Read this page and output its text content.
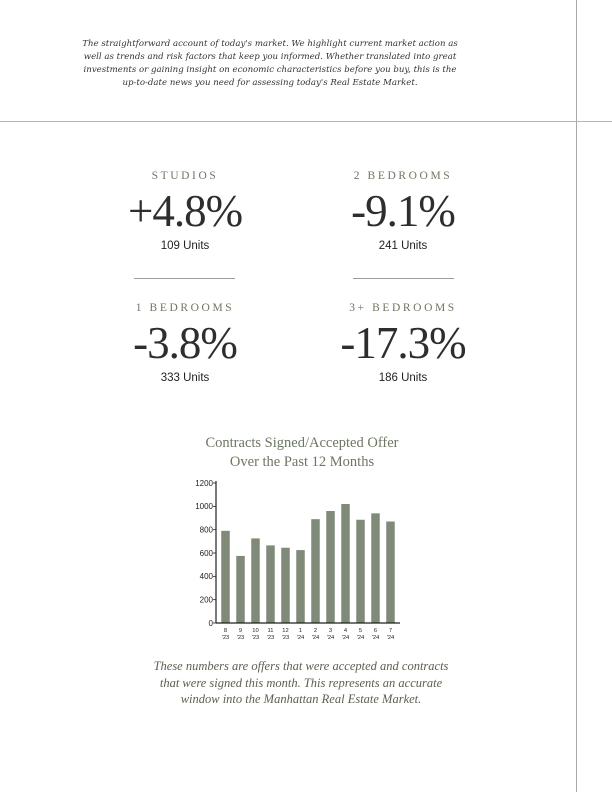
The straightforward account of today's market. We highlight current market action as well as trends and risk factors that keep you informed. Whether translated into great investments or gaining insight on economic characteristics before you buy, this is the up-to-date news you need for assessing today's Real Estate Market.
STUDIOS
+4.8%
109 Units
2 BEDROOMS
-9.1%
241 Units
1 BEDROOMS
-3.8%
333 Units
3+ BEDROOMS
-17.3%
186 Units
Contracts Signed/Accepted Offer
Over the Past 12 Months
0
200
400
600
800
1000
1200
8
'23
9
'23
10
'23
11
'23
12
'23
1
'24
2
'24
3
'24
4
'24
5
'24
6
'24
7
'24
These numbers are offers that were accepted and contracts that were signed this month. This represents an accurate window into the Manhattan Real Estate Market.
